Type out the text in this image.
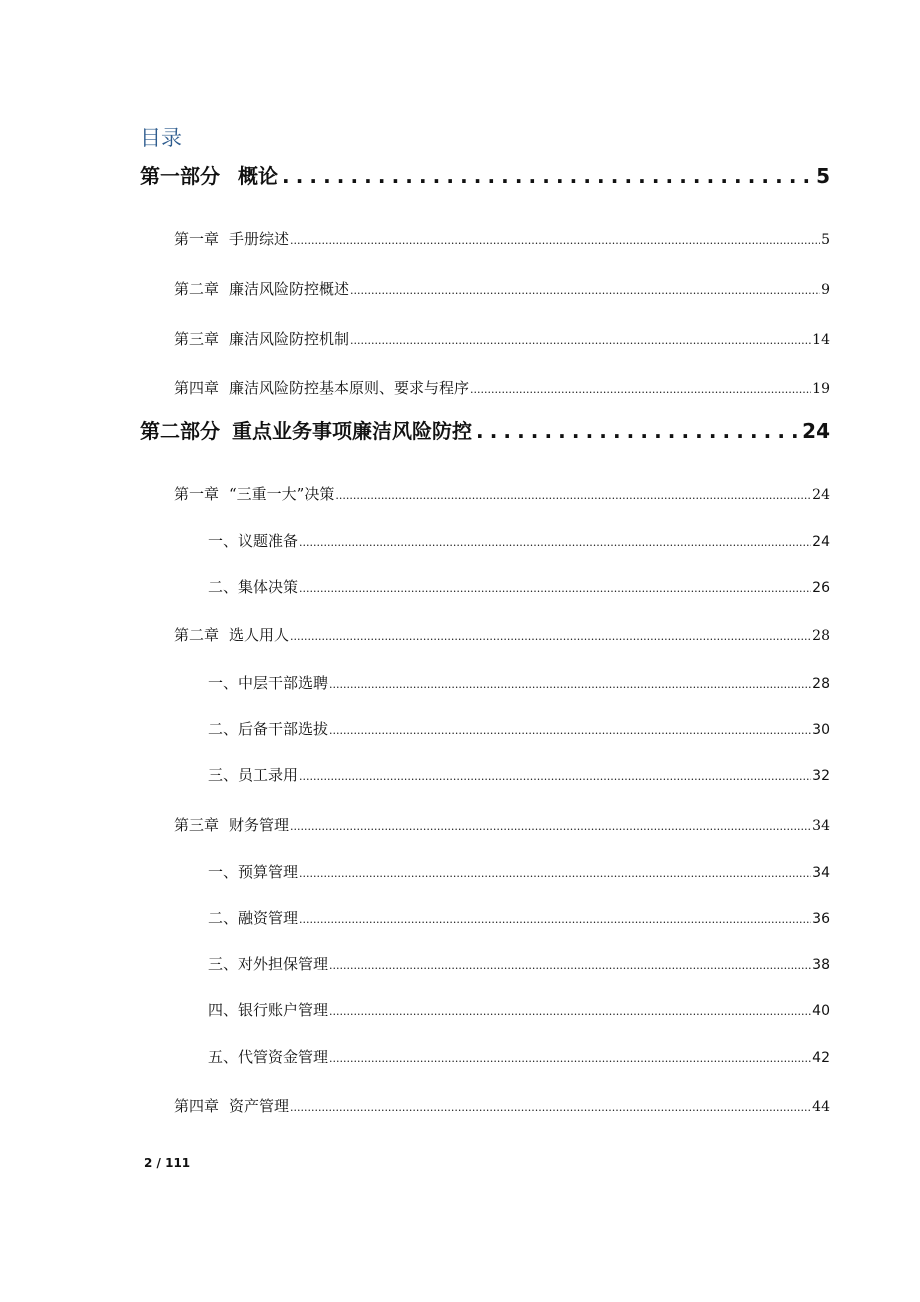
目录
第一部分 概论 .....	5
第一章 手册综述 .....	5
第二章 廉洁风险防控概述 .....	9
第三章 廉洁风险防控机制 .....	14
第四章 廉洁风险防控基本原则、要求与程序 .....	19
第二部分 重点业务事项廉洁风险防控 .....	24
第一章 “三重一大”决策 .....	24
一、议题准备 .....	24
二、集体决策 .....	26
第二章 选人用人 .....	28
一、中层干部选聘 .....	28
二、后备干部选拔 .....	30
三、员工录用 .....	32
第三章 财务管理 .....	34
一、预算管理 .....	34
二、融资管理 .....	36
三、对外担保管理 .....	38
四、银行账户管理 .....	40
五、代管资金管理 .....	42
第四章 资产管理 .....	44
2 / 111
